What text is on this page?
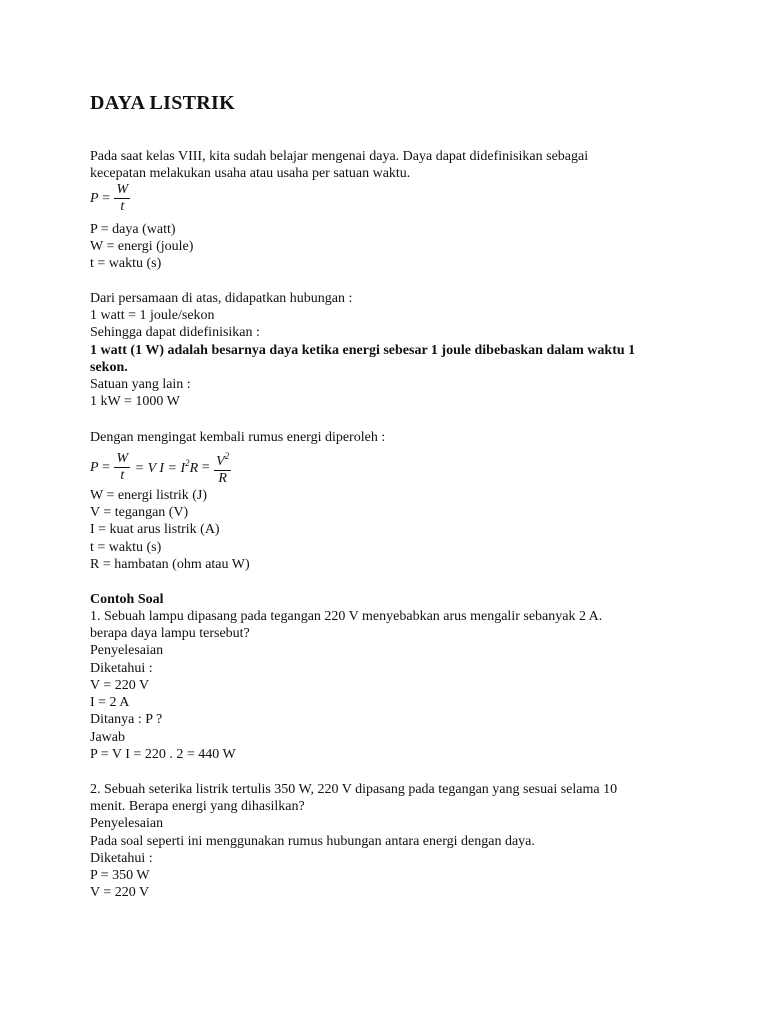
DAYA LISTRIK
Pada saat kelas VIII, kita sudah belajar mengenai daya. Daya dapat didefinisikan sebagai
kecepatan melakukan usaha atau usaha per satuan waktu.
$P = \frac{W}{t}$
P = daya (watt)
W = energi (joule)
t = waktu (s)
Dari persamaan di atas, didapatkan hubungan :
1 watt = 1 joule/sekon
Sehingga dapat didefinisikan :
1 watt (1 W) adalah besarnya daya ketika energi sebesar 1 joule dibebaskan dalam waktu 1
sekon.
Satuan yang lain :
1 kW = 1000 W
Dengan mengingat kembali rumus energi diperoleh :
$P = \frac{W}{t} = V$ $I = I^2R = \frac{V^2}{R}$
W = energi listrik (J)
V = tegangan (V)
I = kuat arus listrik (A)
t = waktu (s)
R = hambatan (ohm atau W)
Contoh Soal
1. Sebuah lampu dipasang pada tegangan 220 V menyebabkan arus mengalir sebanyak 2 A.
berapa daya lampu tersebut?
Penyelesaian
Diketahui :
V = 220 V
I = 2 A
Ditanya : P ?
Jawab
P = V I = 220 . 2 = 440 W
2. Sebuah seterika listrik tertulis 350 W, 220 V dipasang pada tegangan yang sesuai selama 10
menit. Berapa energi yang dihasilkan?
Penyelesaian
Pada soal seperti ini menggunakan rumus hubungan antara energi dengan daya.
Diketahui :
P = 350 W
V = 220 V
